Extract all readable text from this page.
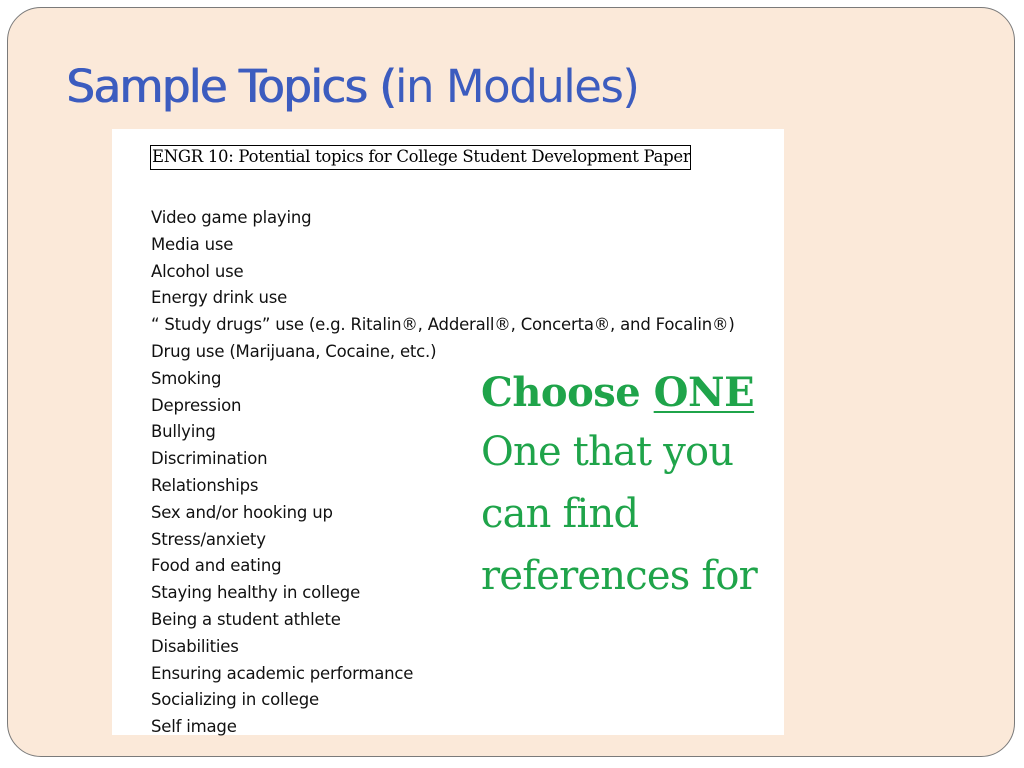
Sample Topics (in Modules)
ENGR 10: Potential topics for College Student Development Paper
Video game playing
Media use
Alcohol use
Energy drink use
“ Study drugs” use (e.g. Ritalin®, Adderall®, Concerta®, and Focalin®)
Drug use (Marijuana, Cocaine, etc.)
Smoking
Depression
Bullying
Discrimination
Relationships
Sex and/or hooking up
Stress/anxiety
Food and eating
Staying healthy in college
Being a student athlete
Disabilities
Ensuring academic performance
Socializing in college
Self image
Choose ONE
One that you
can find
references for
